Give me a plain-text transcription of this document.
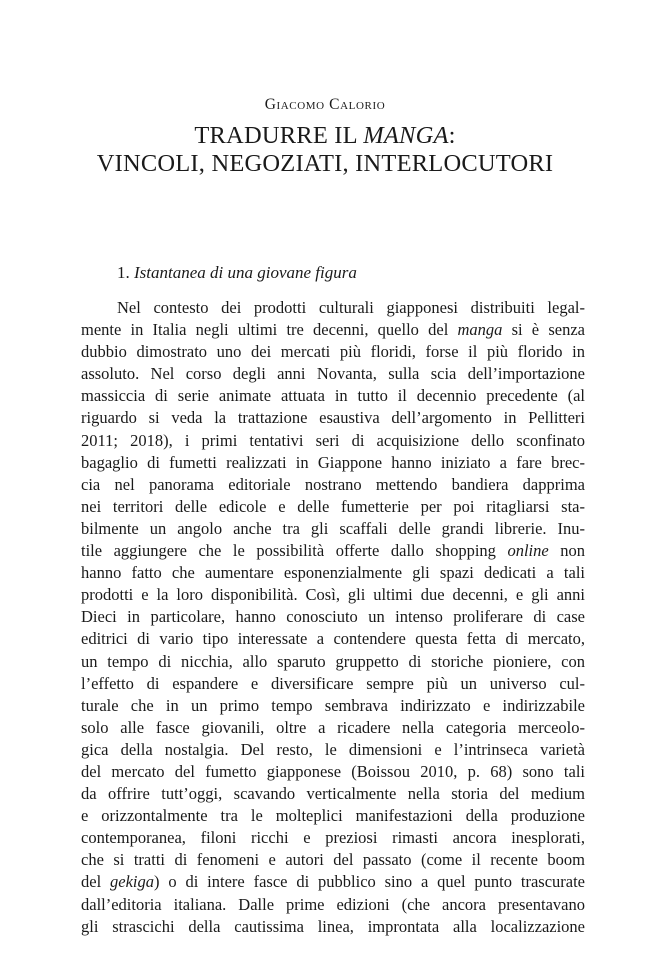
Giacomo Calorio
TRADURRE IL MANGA:
VINCOLI, NEGOZIATI, INTERLOCUTORI
1. Istantanea di una giovane figura
Nel contesto dei prodotti culturali giapponesi distribuiti legal-
mente in Italia negli ultimi tre decenni, quello del manga si è senza
dubbio dimostrato uno dei mercati più floridi, forse il più florido in
assoluto. Nel corso degli anni Novanta, sulla scia dell’importazione
massiccia di serie animate attuata in tutto il decennio precedente (al
riguardo si veda la trattazione esaustiva dell’argomento in Pellitteri
2011; 2018), i primi tentativi seri di acquisizione dello sconfinato
bagaglio di fumetti realizzati in Giappone hanno iniziato a fare brec-
cia nel panorama editoriale nostrano mettendo bandiera dapprima
nei territori delle edicole e delle fumetterie per poi ritagliarsi sta-
bilmente un angolo anche tra gli scaffali delle grandi librerie. Inu-
tile aggiungere che le possibilità offerte dallo shopping online non
hanno fatto che aumentare esponenzialmente gli spazi dedicati a tali
prodotti e la loro disponibilità. Così, gli ultimi due decenni, e gli anni
Dieci in particolare, hanno conosciuto un intenso proliferare di case
editrici di vario tipo interessate a contendere questa fetta di mercato,
un tempo di nicchia, allo sparuto gruppetto di storiche pioniere, con
l’effetto di espandere e diversificare sempre più un universo cul-
turale che in un primo tempo sembrava indirizzato e indirizzabile
solo alle fasce giovanili, oltre a ricadere nella categoria merceolo-
gica della nostalgia. Del resto, le dimensioni e l’intrinseca varietà
del mercato del fumetto giapponese (Boissou 2010, p. 68) sono tali
da offrire tutt’oggi, scavando verticalmente nella storia del medium
e orizzontalmente tra le molteplici manifestazioni della produzione
contemporanea, filoni ricchi e preziosi rimasti ancora inesplorati,
che si tratti di fenomeni e autori del passato (come il recente boom
del gekiga) o di intere fasce di pubblico sino a quel punto trascurate
dall’editoria italiana. Dalle prime edizioni (che ancora presentavano
gli strascichi della cautissima linea, improntata alla localizzazione
